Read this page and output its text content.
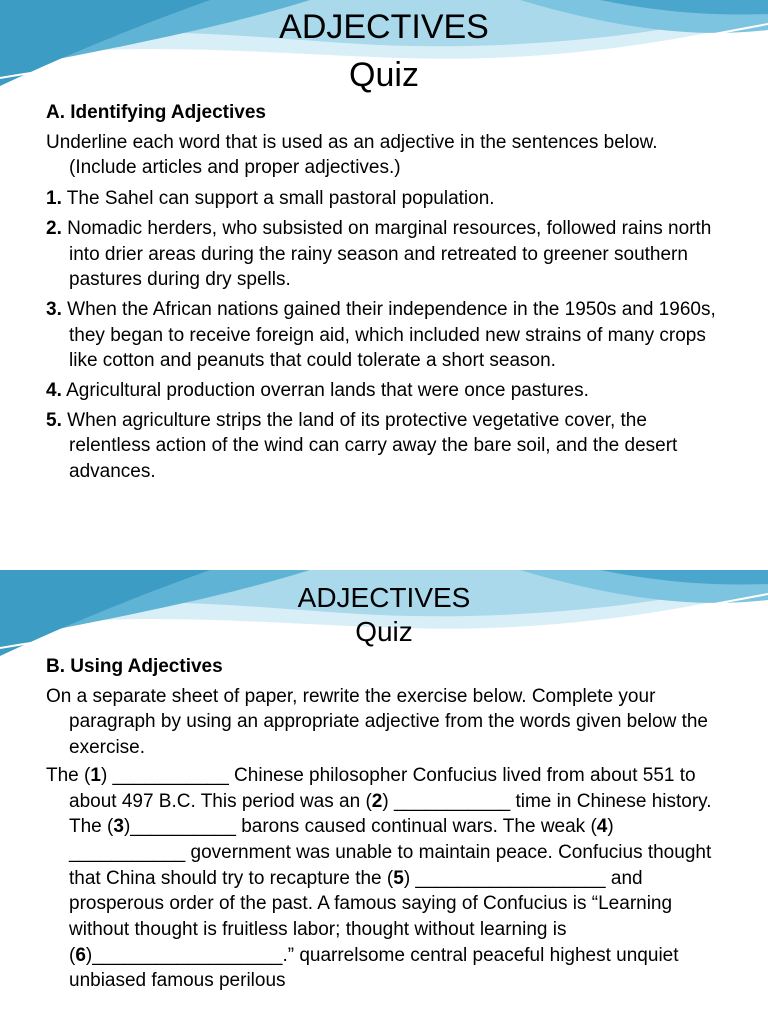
ADJECTIVES
Quiz
A. Identifying Adjectives
Underline each word that is used as an adjective in the sentences below. (Include articles and proper adjectives.)
1. The Sahel can support a small pastoral population.
2. Nomadic herders, who subsisted on marginal resources, followed rains north into drier areas during the rainy season and retreated to greener southern pastures during dry spells.
3. When the African nations gained their independence in the 1950s and 1960s, they began to receive foreign aid, which included new strains of many crops like cotton and peanuts that could tolerate a short season.
4. Agricultural production overran lands that were once pastures.
5. When agriculture strips the land of its protective vegetative cover, the relentless action of the wind can carry away the bare soil, and the desert advances.
ADJECTIVES
Quiz
B. Using Adjectives
On a separate sheet of paper, rewrite the exercise below. Complete your paragraph by using an appropriate adjective from the words given below the exercise.
The (1) ___________ Chinese philosopher Confucius lived from about 551 to about 497 B.C. This period was an (2) ___________ time in Chinese history. The (3)__________ barons caused continual wars. The weak (4) ___________ government was unable to maintain peace. Confucius thought that China should try to recapture the (5) __________________ and prosperous order of the past. A famous saying of Confucius is “Learning without thought is fruitless labor; thought without learning is (6)__________________.” quarrelsome central peaceful highest unquiet unbiased famous perilous
